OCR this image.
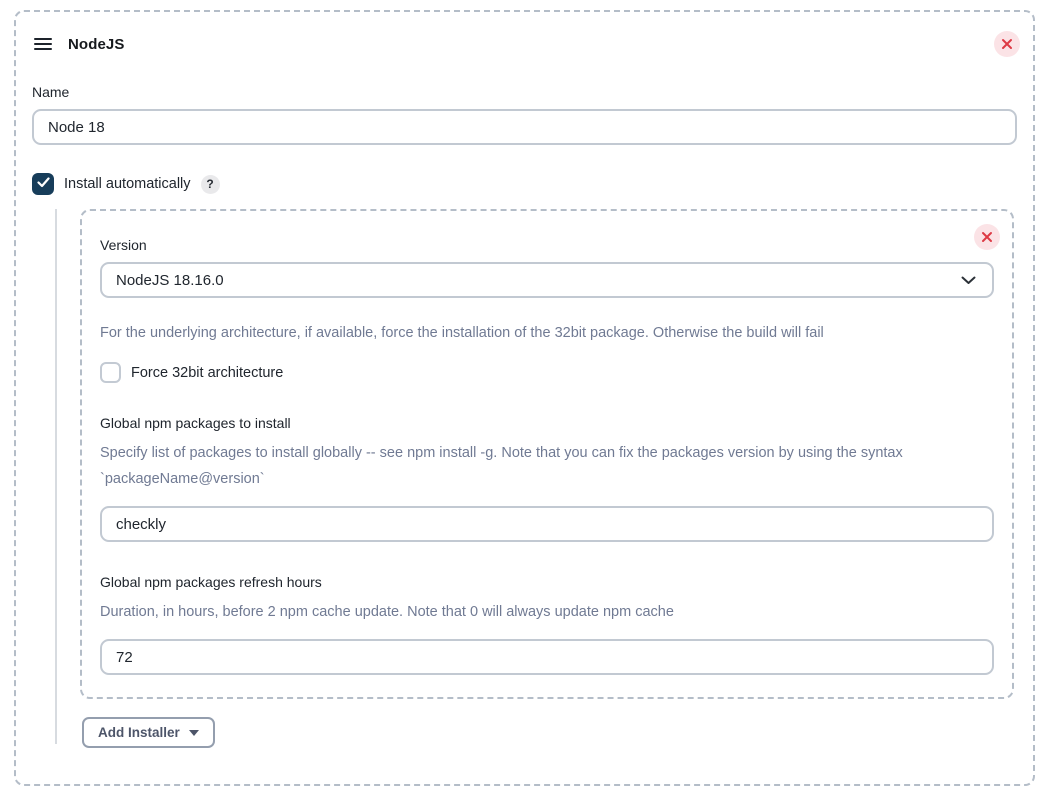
NodeJS
Name
Node 18
Install automatically	?
Version
NodeJS 18.16.0
For the underlying architecture, if available, force the installation of the 32bit package. Otherwise the build will fail
Force 32bit architecture
Global npm packages to install
Specify list of packages to install globally -- see npm install -g. Note that you can fix the packages version by using the syntax `packageName@version`
checkly
Global npm packages refresh hours
Duration, in hours, before 2 npm cache update. Note that 0 will always update npm cache
72
Add Installer
